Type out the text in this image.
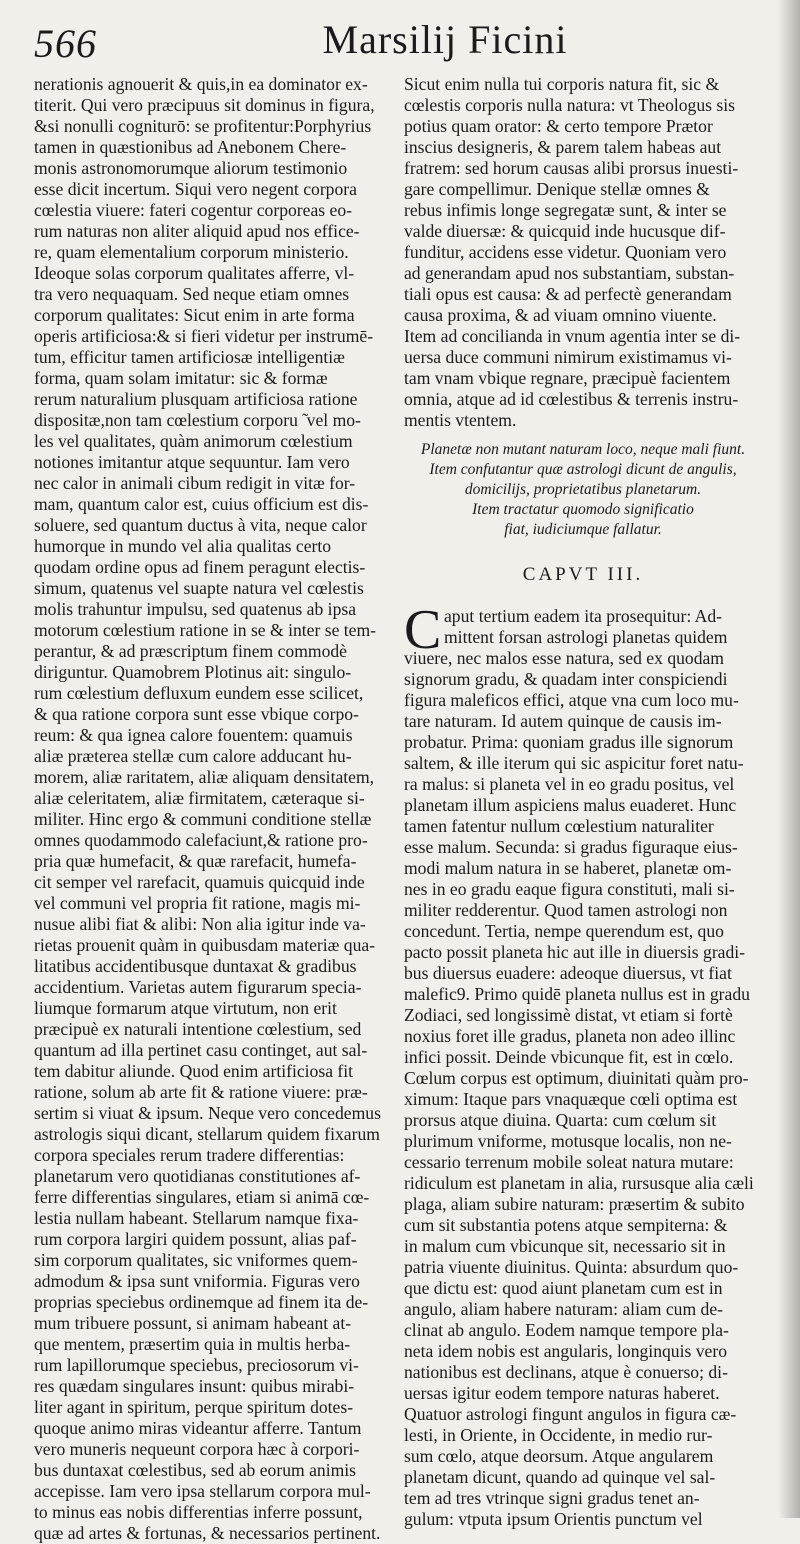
566	Marsilij Ficini
nerationis agnouerit & quis,in ea dominator ex-
titerit. Qui vero præcipuus sit dominus in figura,
&si nonulli cogniturō: se profitentur:Porphyrius
tamen in quæstionibus ad Anebonem Chere-
monis astronomorumque aliorum testimonio
esse dicit incertum. Siqui vero negent corpora
cœlestia viuere: fateri cogentur corporeas eo-
rum naturas non aliter aliquid apud nos effice-
re, quam elementalium corporum ministerio.
Ideoque solas corporum qualitates afferre, vl-
tra vero nequaquam. Sed neque etiam omnes
corporum qualitates: Sicut enim in arte forma
operis artificiosa:& si fieri videtur per instrumē-
tum, efficitur tamen artificiosæ intelligentiæ
forma, quam solam imitatur: sic & formæ
rerum naturalium plusquam artificiosa ratione
dispositæ,non tam cœlestium corporu ̃ vel mo-
les vel qualitates, quàm animorum cœlestium
notiones imitantur atque sequuntur. Iam vero
nec calor in animali cibum redigit in vitæ for-
mam, quantum calor est, cuius officium est dis-
soluere, sed quantum ductus à vita, neque calor
humorque in mundo vel alia qualitas certo
quodam ordine opus ad finem peragunt electis-
simum, quatenus vel suapte natura vel cœlestis
molis trahuntur impulsu, sed quatenus ab ipsa
motorum cœlestium ratione in se & inter se tem-
perantur, & ad præscriptum finem commodè
diriguntur. Quamobrem Plotinus ait: singulo-
rum cœlestium defluxum eundem esse scilicet,
& qua ratione corpora sunt esse vbique corpo-
reum: & qua ignea calore fouentem: quamuis
aliæ præterea stellæ cum calore adducant hu-
morem, aliæ raritatem, aliæ aliquam densitatem,
aliæ celeritatem, aliæ firmitatem, cæteraque si-
militer. Hinc ergo & communi conditione stellæ
omnes quodammodo calefaciunt,& ratione pro-
pria quæ humefacit, & quæ rarefacit, humefa-
cit semper vel rarefacit, quamuis quicquid inde
vel communi vel propria fit ratione, magis mi-
nusue alibi fiat & alibi: Non alia igitur inde va-
rietas prouenit quàm in quibusdam materiæ qua-
litatibus accidentibusque duntaxat & gradibus
accidentium. Varietas autem figurarum specia-
liumque formarum atque virtutum, non erit
præcipuè ex naturali intentione cœlestium, sed
quantum ad illa pertinet casu continget, aut sal-
tem dabitur aliunde. Quod enim artificiosa fit
ratione, solum ab arte fit & ratione viuere: præ-
sertim si viuat & ipsum. Neque vero concedemus
astrologis siqui dicant, stellarum quidem fixarum
corpora speciales rerum tradere differentias:
planetarum vero quotidianas constitutiones af-
ferre differentias singulares, etiam si animā cœ-
lestia nullam habeant. Stellarum namque fixa-
rum corpora largiri quidem possunt, alias paf-
sim corporum qualitates, sic vniformes quem-
admodum & ipsa sunt vniformia. Figuras vero
proprias speciebus ordinemque ad finem ita de-
mum tribuere possunt, si animam habeant at-
que mentem, præsertim quia in multis herba-
rum lapillorumque speciebus, preciosorum vi-
res quædam singulares insunt: quibus mirabi-
liter agant in spiritum, perque spiritum dotes-
quoque animo miras videantur afferre. Tantum
vero muneris nequeunt corpora hæc à corpori-
bus duntaxat cœlestibus, sed ab eorum animis
accepisse. Iam vero ipsa stellarum corpora mul-
to minus eas nobis differentias inferre possunt,
quæ ad artes & fortunas, & necessarios pertinent.
Sicut enim nulla tui corporis natura fit, sic &
cœlestis corporis nulla natura: vt Theologus sis
potius quam orator: & certo tempore Prætor
inscius designeris, & parem talem habeas aut
fratrem: sed horum causas alibi prorsus inuesti-
gare compellimur. Denique stellæ omnes &
rebus infimis longe segregatæ sunt, & inter se
valde diuersæ: & quicquid inde hucusque dif-
funditur, accidens esse videtur. Quoniam vero
ad generandam apud nos substantiam, substan-
tiali opus est causa: & ad perfectè generandam
causa proxima, & ad viuam omnino viuente.
Item ad concilianda in vnum agentia inter se di-
uersa duce communi nimirum existimamus vi-
tam vnam vbique regnare, præcipuè facientem
omnia, atque ad id cœlestibus & terrenis instru-
mentis vtentem.
Planetæ non mutant naturam loco, neque mali fiunt.
Item confutantur quæ astrologi dicunt de angulis,
domicilijs, proprietatibus planetarum.
Item tractatur quomodo significatio
fiat, iudiciumque fallatur.
CAPVT III.
C aput tertium eadem ita prosequitur: Ad-
mittent forsan astrologi planetas quidem
viuere, nec malos esse natura, sed ex quodam
signorum gradu, & quadam inter conspiciendi
figura maleficos effici, atque vna cum loco mu-
tare naturam. Id autem quinque de causis im-
probatur. Prima: quoniam gradus ille signorum
saltem, & ille iterum qui sic aspicitur foret natu-
ra malus: si planeta vel in eo gradu positus, vel
planetam illum aspiciens malus euaderet. Hunc
tamen fatentur nullum cœlestium naturaliter
esse malum. Secunda: si gradus figuraque eius-
modi malum natura in se haberet, planetæ om-
nes in eo gradu eaque figura constituti, mali si-
militer redderentur. Quod tamen astrologi non
concedunt. Tertia, nempe querendum est, quo
pacto possit planeta hic aut ille in diuersis gradi-
bus diuersus euadere: adeoque diuersus, vt fiat
malefic9. Primo quidē planeta nullus est in gradu
Zodiaci, sed longissimè distat, vt etiam si fortè
noxius foret ille gradus, planeta non adeo illinc
infici possit. Deinde vbicunque fit, est in cœlo.
Cœlum corpus est optimum, diuinitati quàm pro-
ximum: Itaque pars vnaquæque cœli optima est
prorsus atque diuina. Quarta: cum cœlum sit
plurimum vniforme, motusque localis, non ne-
cessario terrenum mobile soleat natura mutare:
ridiculum est planetam in alia, rursusque alia cæli
plaga, aliam subire naturam: præsertim & subito
cum sit substantia potens atque sempiterna: &
in malum cum vbicunque sit, necessario sit in
patria viuente diuinitus. Quinta: absurdum quo-
que dictu est: quod aiunt planetam cum est in
angulo, aliam habere naturam: aliam cum de-
clinat ab angulo. Eodem namque tempore pla-
neta idem nobis est angularis, longinquis vero
nationibus est declinans, atque è conuerso; di-
uersas igitur eodem tempore naturas haberet.
Quatuor astrologi fingunt angulos in figura cæ-
lesti, in Oriente, in Occidente, in medio rur-
sum cœlo, atque deorsum. Atque angularem
planetam dicunt, quando ad quinque vel sal-
tem ad tres vtrinque signi gradus tenet an-
gulum: vtputa ipsum Orientis punctum vel
